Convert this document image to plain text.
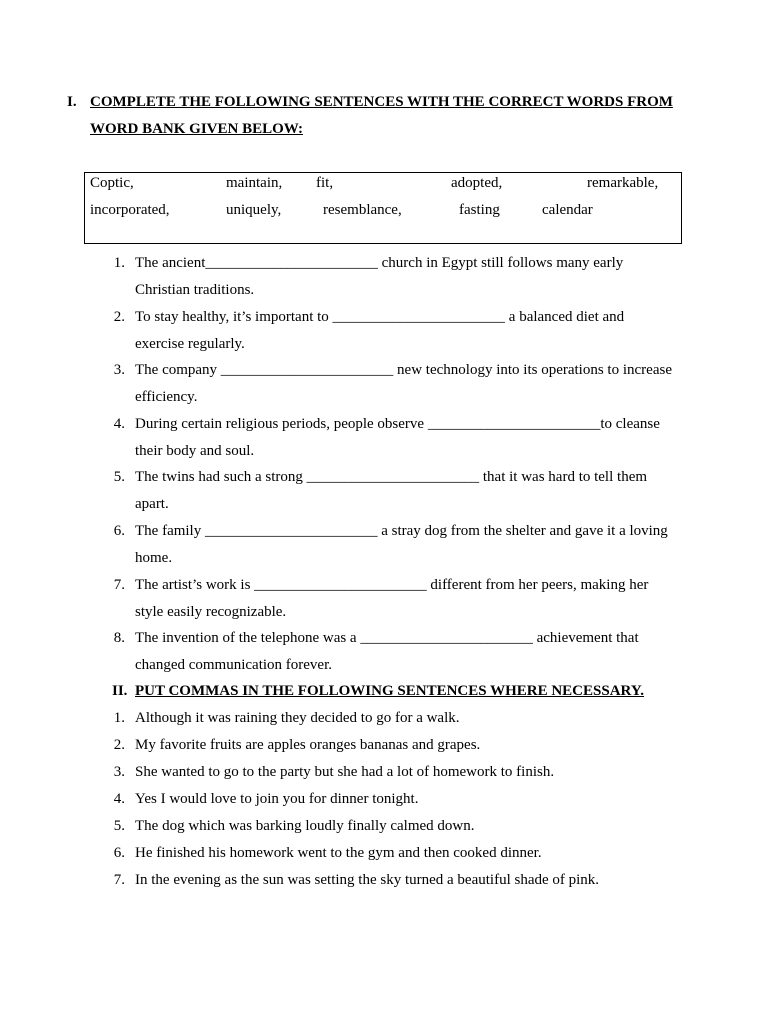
I. COMPLETE THE FOLLOWING SENTENCES WITH THE CORRECT WORDS FROM
WORD BANK GIVEN BELOW:
Coptic,	maintain, fit,	adopted,	remarkable,
incorporated,	uniquely,	resemblance,	fasting	calendar
1. The ancient_______________________ church in Egypt still follows many early
Christian traditions.
2. To stay healthy, it’s important to _______________________ a balanced diet and
exercise regularly.
3. The company _______________________ new technology into its operations to increase
efficiency.
4. During certain religious periods, people observe _______________________to cleanse
their body and soul.
5. The twins had such a strong _______________________ that it was hard to tell them
apart.
6. The family _______________________ a stray dog from the shelter and gave it a loving
home.
7. The artist’s work is _______________________ different from her peers, making her
style easily recognizable.
8. The invention of the telephone was a _______________________ achievement that
changed communication forever.
II. PUT COMMAS IN THE FOLLOWING SENTENCES WHERE NECESSARY.
1. Although it was raining they decided to go for a walk.
2. My favorite fruits are apples oranges bananas and grapes.
3. She wanted to go to the party but she had a lot of homework to finish.
4. Yes I would love to join you for dinner tonight.
5. The dog which was barking loudly finally calmed down.
6. He finished his homework went to the gym and then cooked dinner.
7. In the evening as the sun was setting the sky turned a beautiful shade of pink.
